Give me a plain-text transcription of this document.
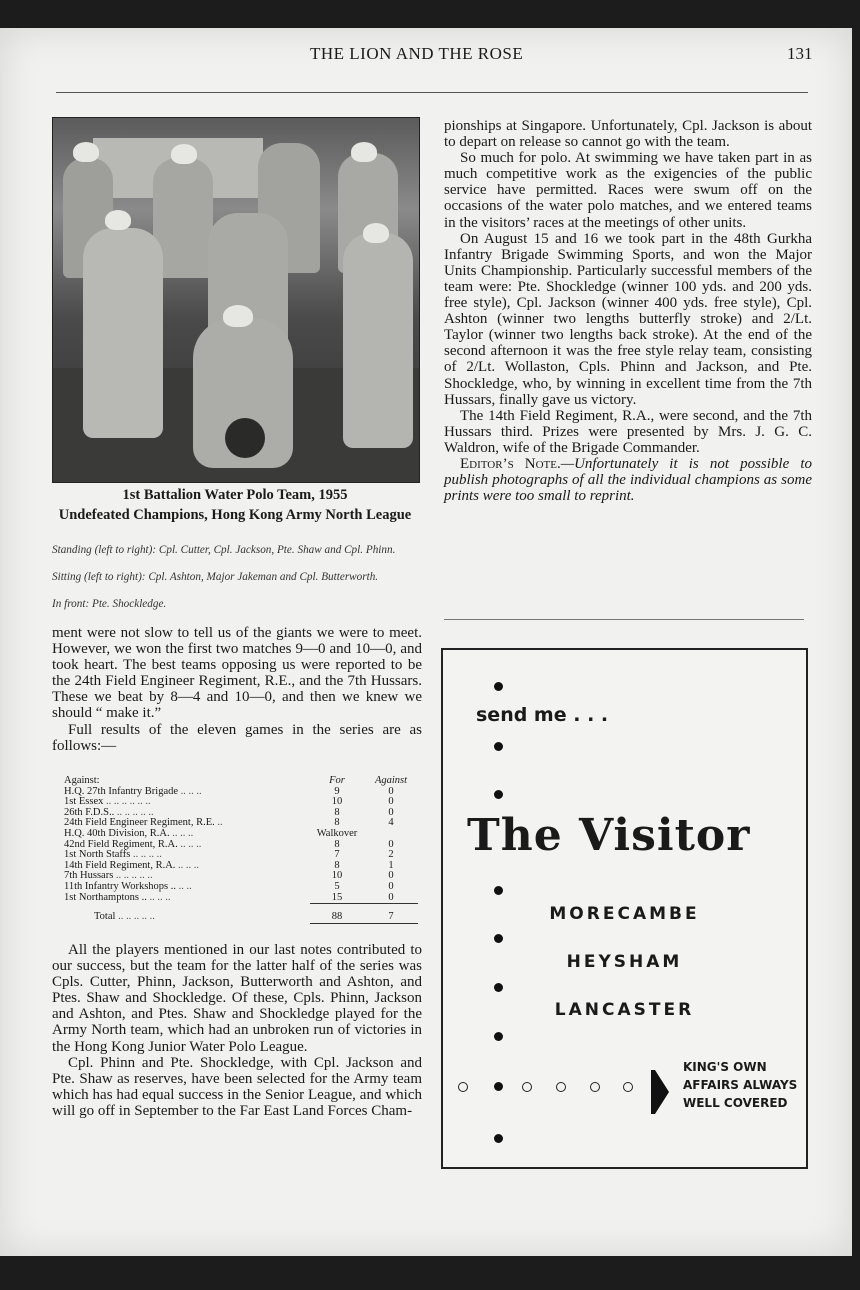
THE LION AND THE ROSE	131
1st Battalion Water Polo Team, 1955
Undefeated Champions, Hong Kong Army North League
Standing (left to right): Cpl. Cutter, Cpl. Jackson, Pte. Shaw and Cpl. Phinn.
Sitting (left to right): Cpl. Ashton, Major Jakeman and Cpl. Butterworth.
In front: Pte. Shockledge.

ment were not slow to tell us of the giants we were to meet. However, we won the first two matches 9—0 and 10—0, and took heart. The best teams opposing us were reported to be the 24th Field Engineer Regiment, R.E., and the 7th Hussars. These we beat by 8—4 and 10—0, and then we knew we should “ make it.”

Full results of the eleven games in the series are as follows:—

Against:	For	Against
H.Q. 27th Infantry Brigade .. .. ..	9	0
1st Essex .. .. .. .. .. ..	10	0
26th F.D.S.. .. .. .. .. ..	8	0
24th Field Engineer Regiment, R.E. ..	8	4
H.Q. 40th Division, R.A. .. .. ..	Walkover	
42nd Field Regiment, R.A. .. .. ..	8	0
1st North Staffs .. .. .. ..	7	2
14th Field Regiment, R.A. .. .. ..	8	1
7th Hussars .. .. .. .. ..	10	0
11th Infantry Workshops .. .. ..	5	0
1st Northamptons .. .. .. ..	15	0
Total .. .. .. .. ..	88	7

All the players mentioned in our last notes contributed to our success, but the team for the latter half of the series was Cpls. Cutter, Phinn, Jackson, Butterworth and Ashton, and Ptes. Shaw and Shockledge. Of these, Cpls. Phinn, Jackson and Ashton, and Ptes. Shaw and Shockledge played for the Army North team, which had an unbroken run of victories in the Hong Kong Junior Water Polo League.

Cpl. Phinn and Pte. Shockledge, with Cpl. Jackson and Pte. Shaw as reserves, have been selected for the Army team which has had equal success in the Senior League, and which will go off in September to the Far East Land Forces Cham-

pionships at Singapore. Unfortunately, Cpl. Jackson is about to depart on release so cannot go with the team.

So much for polo. At swimming we have taken part in as much competitive work as the exigencies of the public service have permitted. Races were swum off on the occasions of the water polo matches, and we entered teams in the visitors’ races at the meetings of other units.

On August 15 and 16 we took part in the 48th Gurkha Infantry Brigade Swimming Sports, and won the Major Units Championship. Particularly successful members of the team were: Pte. Shockledge (winner 100 yds. and 200 yds. free style), Cpl. Jackson (winner 400 yds. free style), Cpl. Ashton (winner two lengths butterfly stroke) and 2/Lt. Taylor (winner two lengths back stroke). At the end of the second afternoon it was the free style relay team, consisting of 2/Lt. Wollaston, Cpls. Phinn and Jackson, and Pte. Shockledge, who, by winning in excellent time from the 7th Hussars, finally gave us victory.

The 14th Field Regiment, R.A., were second, and the 7th Hussars third. Prizes were presented by Mrs. J. G. C. Waldron, wife of the Brigade Commander.

Editor’s Note.—Unfortunately it is not possible to publish photographs of all the individual champions as some prints were too small to reprint.

send me . . .
The Visitor
MORECAMBE
HEYSHAM
LANCASTER
KING'S OWN
AFFAIRS ALWAYS
WELL COVERED
